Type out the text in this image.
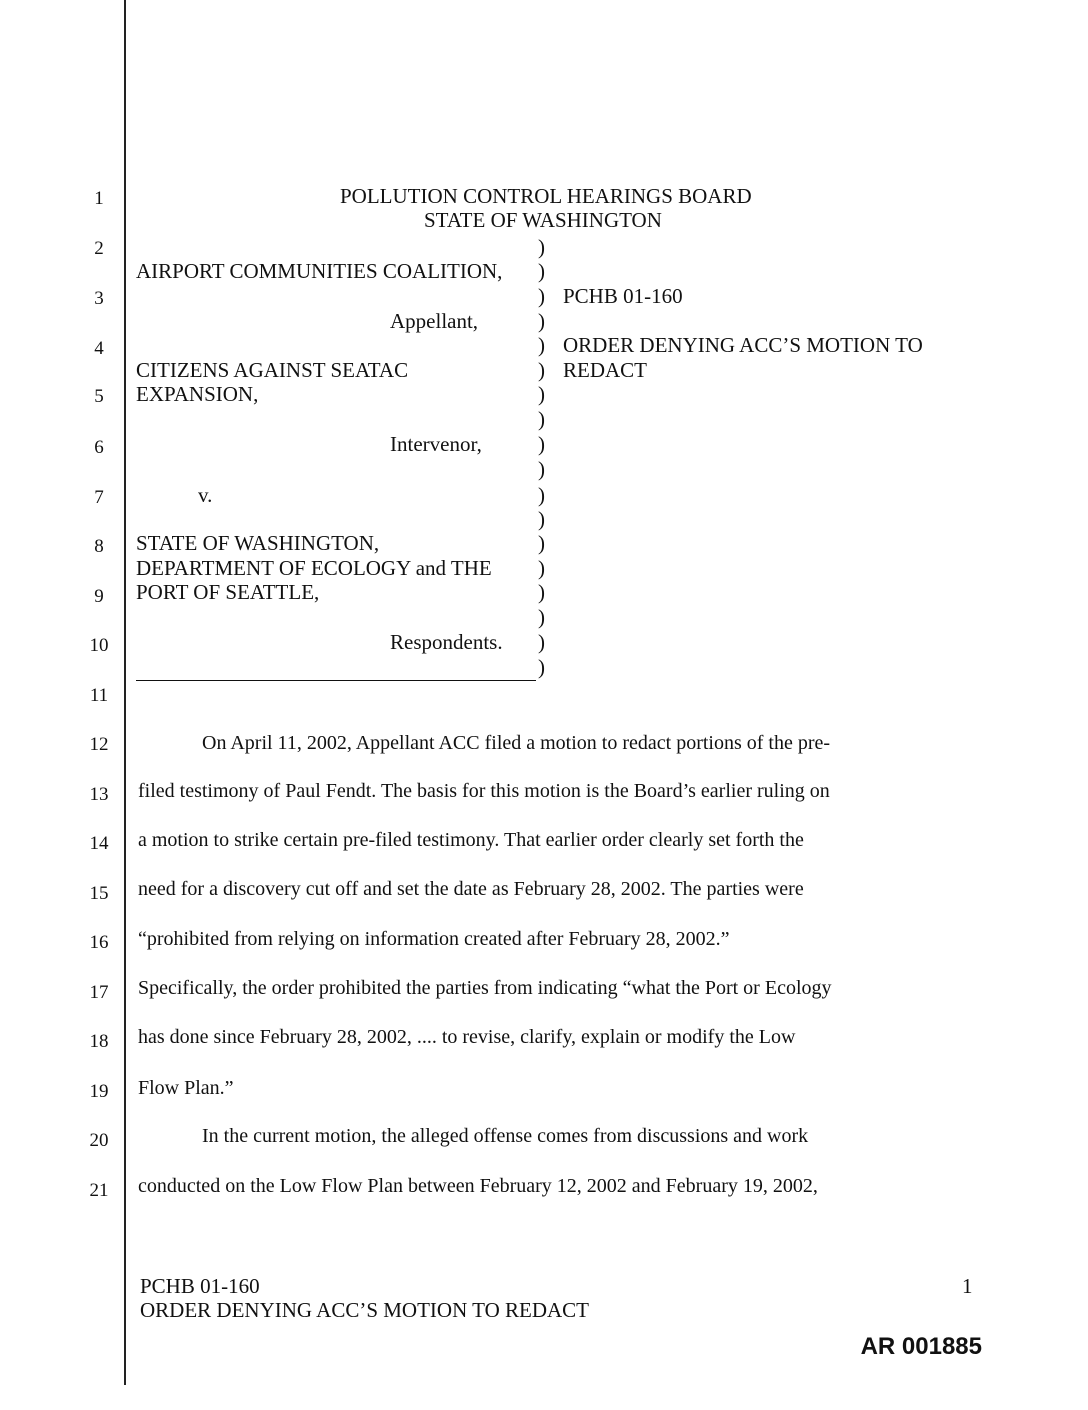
1
2
3
4
5
6
7
8
9
10
11
12
13
14
15
16
17
18
19
20
21
POLLUTION CONTROL HEARINGS BOARD
STATE OF WASHINGTON
AIRPORT COMMUNITIES COALITION,
Appellant,
CITIZENS AGAINST SEATAC
EXPANSION,
Intervenor,
v.
STATE OF WASHINGTON,
DEPARTMENT OF ECOLOGY and THE
PORT OF SEATTLE,
Respondents.
)
)
)
)
)
)
)
)
)
)
)
)
)
)
)
)
)
)
PCHB 01-160
ORDER DENYING ACC’S MOTION TO
REDACT
On April 11, 2002, Appellant ACC filed a motion to redact portions of the pre-
filed testimony of Paul Fendt. The basis for this motion is the Board’s earlier ruling on
a motion to strike certain pre-filed testimony. That earlier order clearly set forth the
need for a discovery cut off and set the date as February 28, 2002. The parties were
“prohibited from relying on information created after February 28, 2002.”
Specifically, the order prohibited the parties from indicating “what the Port or Ecology
has done since February 28, 2002, .... to revise, clarify, explain or modify the Low
Flow Plan.”
In the current motion, the alleged offense comes from discussions and work
conducted on the Low Flow Plan between February 12, 2002 and February 19, 2002,
PCHB 01-160
ORDER DENYING ACC’S MOTION TO REDACT
1
AR 001885
